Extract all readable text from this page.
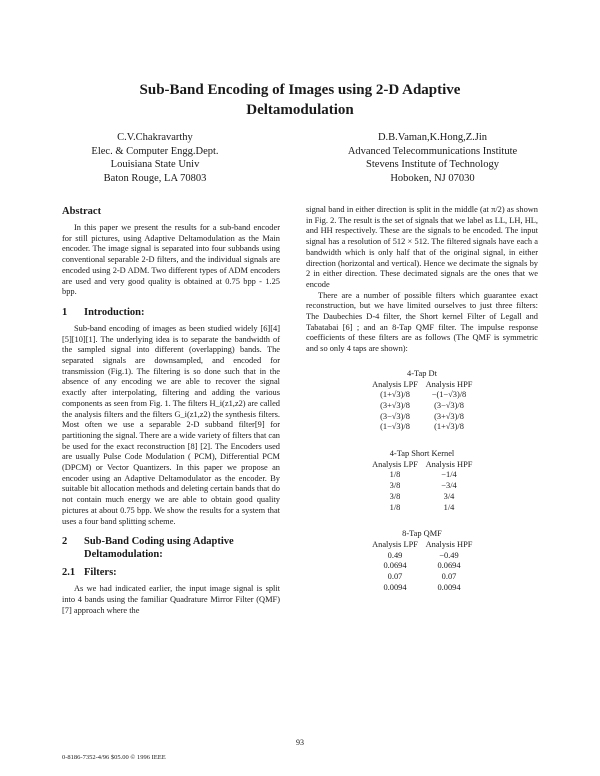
Sub-Band Encoding of Images using 2-D Adaptive
Deltamodulation
C.V.Chakravarthy
Elec. & Computer Engg.Dept.
Louisiana State Univ
Baton Rouge, LA 70803
D.B.Vaman,K.Hong,Z.Jin
Advanced Telecommunications Institute
Stevens Institute of Technology
Hoboken, NJ 07030
Abstract

In this paper we present the results for a sub-band encoder for still pictures, using Adaptive Deltamodulation as the Main encoder. The image signal is separated into four subbands using conventional separable 2-D filters, and the individual signals are encoded using 2-D ADM. Two different types of ADM encoders are used and very good quality is obtained at 0.75 bpp - 1.25 bpp.

1	Introduction:

Sub-band encoding of images as been studied widely [6][4][5][10][1]. The underlying idea is to separate the bandwidth of the sampled signal into different (overlapping) bands. The separated signals are downsampled, and encoded for transmission (Fig.1). The filtering is so done such that in the absence of any encoding we are able to recover the signal exactly after interpolating, filtering and adding the various components as seen from Fig. 1. The filters H_i(z1,z2) are called the analysis filters and the filters G_i(z1,z2) the synthesis filters. Most often we use a separable 2-D subband filter[9] for partitioning the signal. There are a wide variety of filters that can be used for the exact reconstruction [8] [2]. The Encoders used are usually Pulse Code Modulation ( PCM), Differential PCM (DPCM) or Vector Quantizers. In this paper we propose an encoder using an Adaptive Deltamodulator as the encoder. By suitable bit allocation methods and deleting certain bands that do not contain much energy we are able to obtain good quality pictures at about 0.75 bpp. We show the results for a system that uses a four band splitting scheme.

2	Sub-Band Coding using Adaptive
Deltamodulation:
2.1 Filters:

As we had indicated earlier, the input image signal is split into 4 bands using the familiar Quadrature Mirror Filter (QMF) [7] approach where the

signal band in either direction is split in the middle (at π/2) as shown in Fig. 2. The result is the set of signals that we label as LL, LH, HL, and HH respectively. These are the signals to be encoded. The input signal has a resolution of 512 × 512. The filtered signals have each a bandwidth which is only half that of the original signal, in either direction (horizontal and vertical). Hence we decimate the signals by 2 in either direction. These decimated signals are the ones that we encode

There are a number of possible filters which guarantee exact reconstruction, but we have limited ourselves to just three filters: The Daubechies D-4 filter, the Short kernel Filter of Legall and Tabatabai [6] ; and an 8-Tap QMF filter. The impulse response coefficients of these filters are as follows (The QMF is symmetric and so only 4 taps are shown):

4-Tap Dt
Analysis LPF Analysis HPF
(1+√3)/8	−(1−√3)/8
(3+√3)/8	(3−√3)/8
(3−√3)/8	(3+√3)/8
(1−√3)/8	(1+√3)/8
4-Tap Short Kernel
Analysis LPF Analysis HPF
1/8	−1/4
3/8	−3/4
3/8	3/4
1/8	1/4
8-Tap QMF
Analysis LPF Analysis HPF
0.49	−0.49
0.0694	0.0694
0.07	0.07
0.0094	0.0094
93
0-8186-7352-4/96 $05.00 © 1996 IEEE
